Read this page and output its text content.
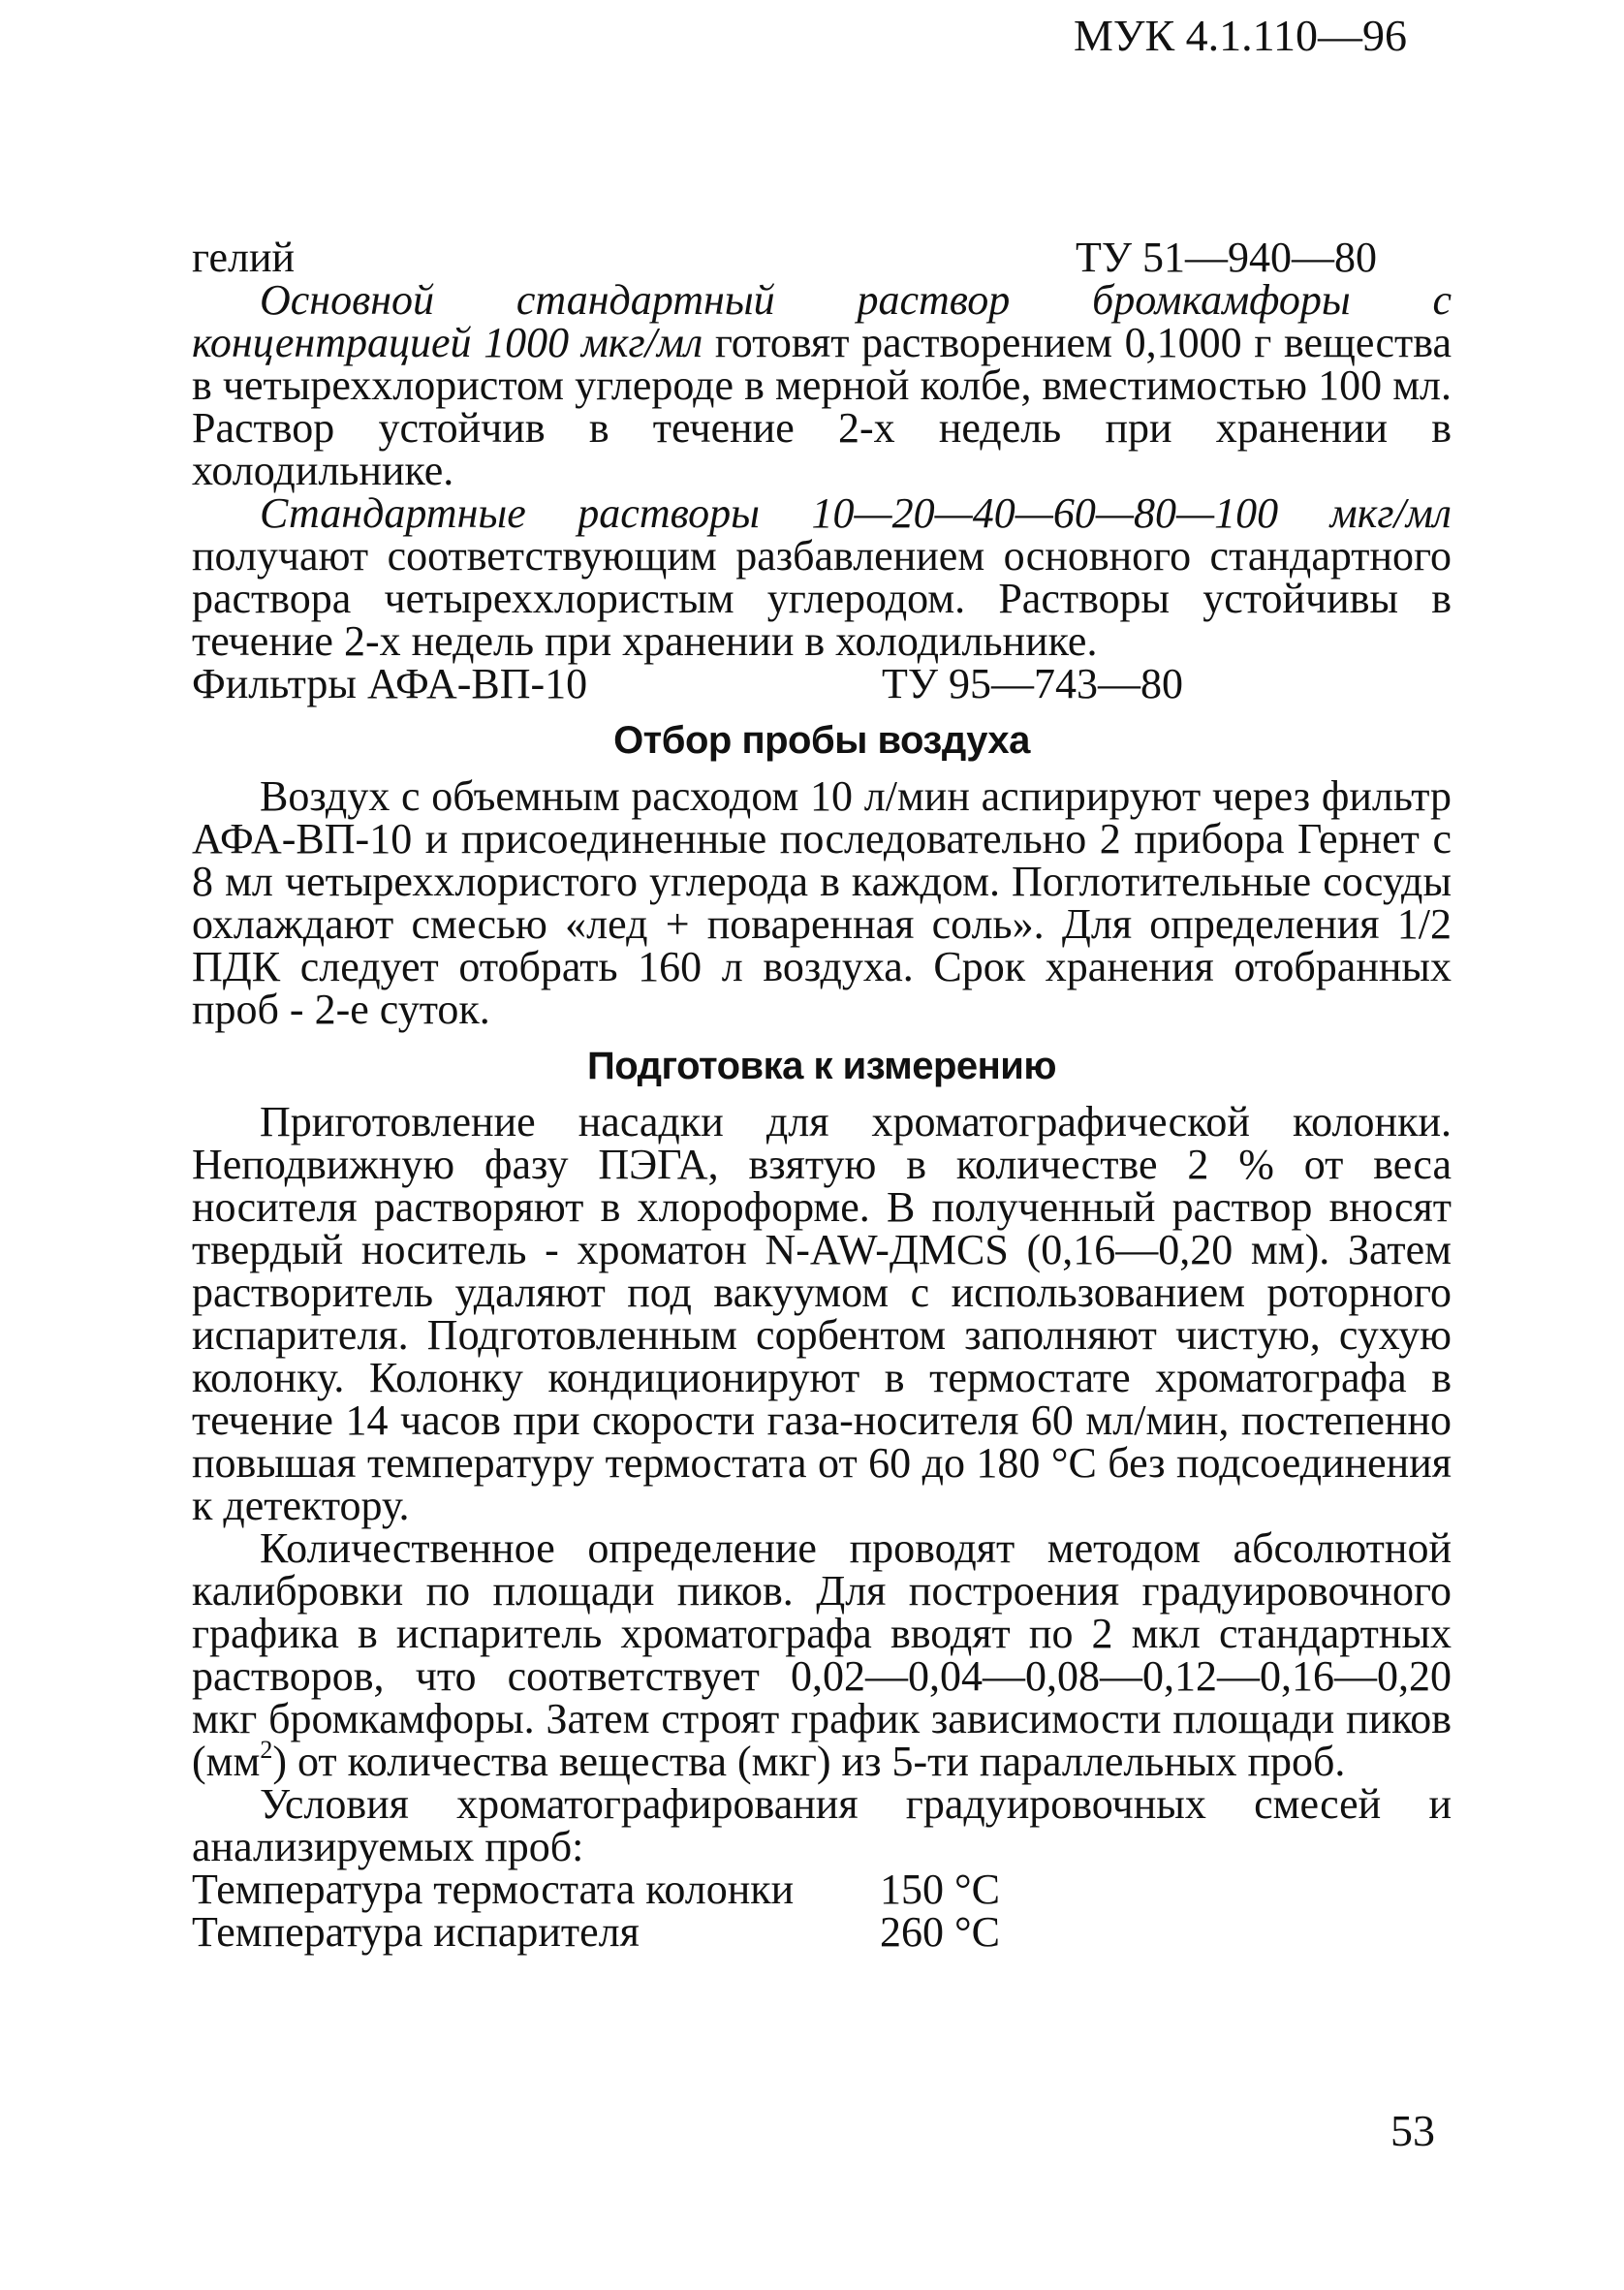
МУК 4.1.110—96
гелий	ТУ 51—940—80
Основной стандартный раствор бромкамфоры с концентрацией 1000 мкг/мл готовят растворением 0,1000 г вещества в четыреххлористом углероде в мерной колбе, вместимостью 100 мл. Раствор устойчив в течение 2-х недель при хранении в холодильнике.
Стандартные растворы 10—20—40—60—80—100 мкг/мл получают соответствующим разбавлением основного стандартного раствора четыреххлористым углеродом. Растворы устойчивы в течение 2-х недель при хранении в холодильнике.
Фильтры АФА-ВП-10	ТУ 95—743—80
Отбор пробы воздуха
Воздух с объемным расходом 10 л/мин аспирируют через фильтр АФА-ВП-10 и присоединенные последовательно 2 прибора Гернет с 8 мл четыреххлористого углерода в каждом. Поглотительные сосуды охлаждают смесью «лед + поваренная соль». Для определения 1/2 ПДК следует отобрать 160 л воздуха. Срок хранения отобранных проб - 2-е суток.
Подготовка к измерению
Приготовление насадки для хроматографической колонки. Неподвижную фазу ПЭГА, взятую в количестве 2 % от веса носителя растворяют в хлороформе. В полученный раствор вносят твердый носитель - хроматон N-AW-ДМCS (0,16—0,20 мм). Затем растворитель удаляют под вакуумом с использованием роторного испарителя. Подготовленным сорбентом заполняют чистую, сухую колонку. Колонку кондиционируют в термостате хроматографа в течение 14 часов при скорости газа-носителя 60 мл/мин, постепенно повышая температуру термостата от 60 до 180 °С без подсоединения к детектору.
Количественное определение проводят методом абсолютной калибровки по площади пиков. Для построения градуировочного графика в испаритель хроматографа вводят по 2 мкл стандартных растворов, что соответствует 0,02—0,04—0,08—0,12—0,16—0,20 мкг бромкамфоры. Затем строят график зависимости площади пиков $(мм^2)$ от количества вещества (мкг) из 5-ти параллельных проб.
Условия хроматографирования градуировочных смесей и анализируемых проб:
Температура термостата колонки 150 °С
Температура испарителя	260 °С
53
